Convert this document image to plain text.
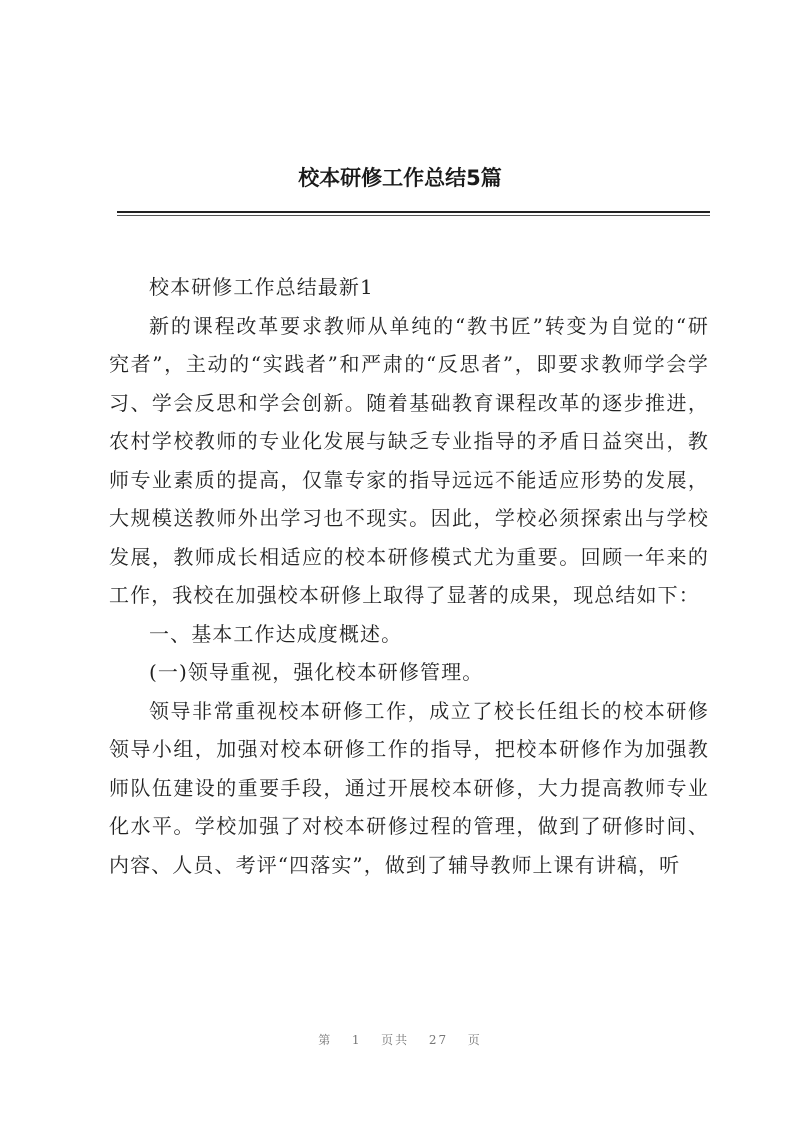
校本研修工作总结5篇

校本研修工作总结最新1

新的课程改革要求教师从单纯的“教书匠”转变为自觉的“研究者”，主动的“实践者”和严肃的“反思者”，即要求教师学会学习、学会反思和学会创新。随着基础教育课程改革的逐步推进，农村学校教师的专业化发展与缺乏专业指导的矛盾日益突出，教师专业素质的提高，仅靠专家的指导远远不能适应形势的发展，大规模送教师外出学习也不现实。因此，学校必须探索出与学校发展，教师成长相适应的校本研修模式尤为重要。回顾一年来的工作，我校在加强校本研修上取得了显著的成果，现总结如下：

一、基本工作达成度概述。

(一)领导重视，强化校本研修管理。

领导非常重视校本研修工作，成立了校长任组长的校本研修领导小组，加强对校本研修工作的指导，把校本研修作为加强教师队伍建设的重要手段，通过开展校本研修，大力提高教师专业化水平。学校加强了对校本研修过程的管理，做到了研修时间、内容、人员、考评“四落实”，做到了辅导教师上课有讲稿，听

第 1 页共 27 页
